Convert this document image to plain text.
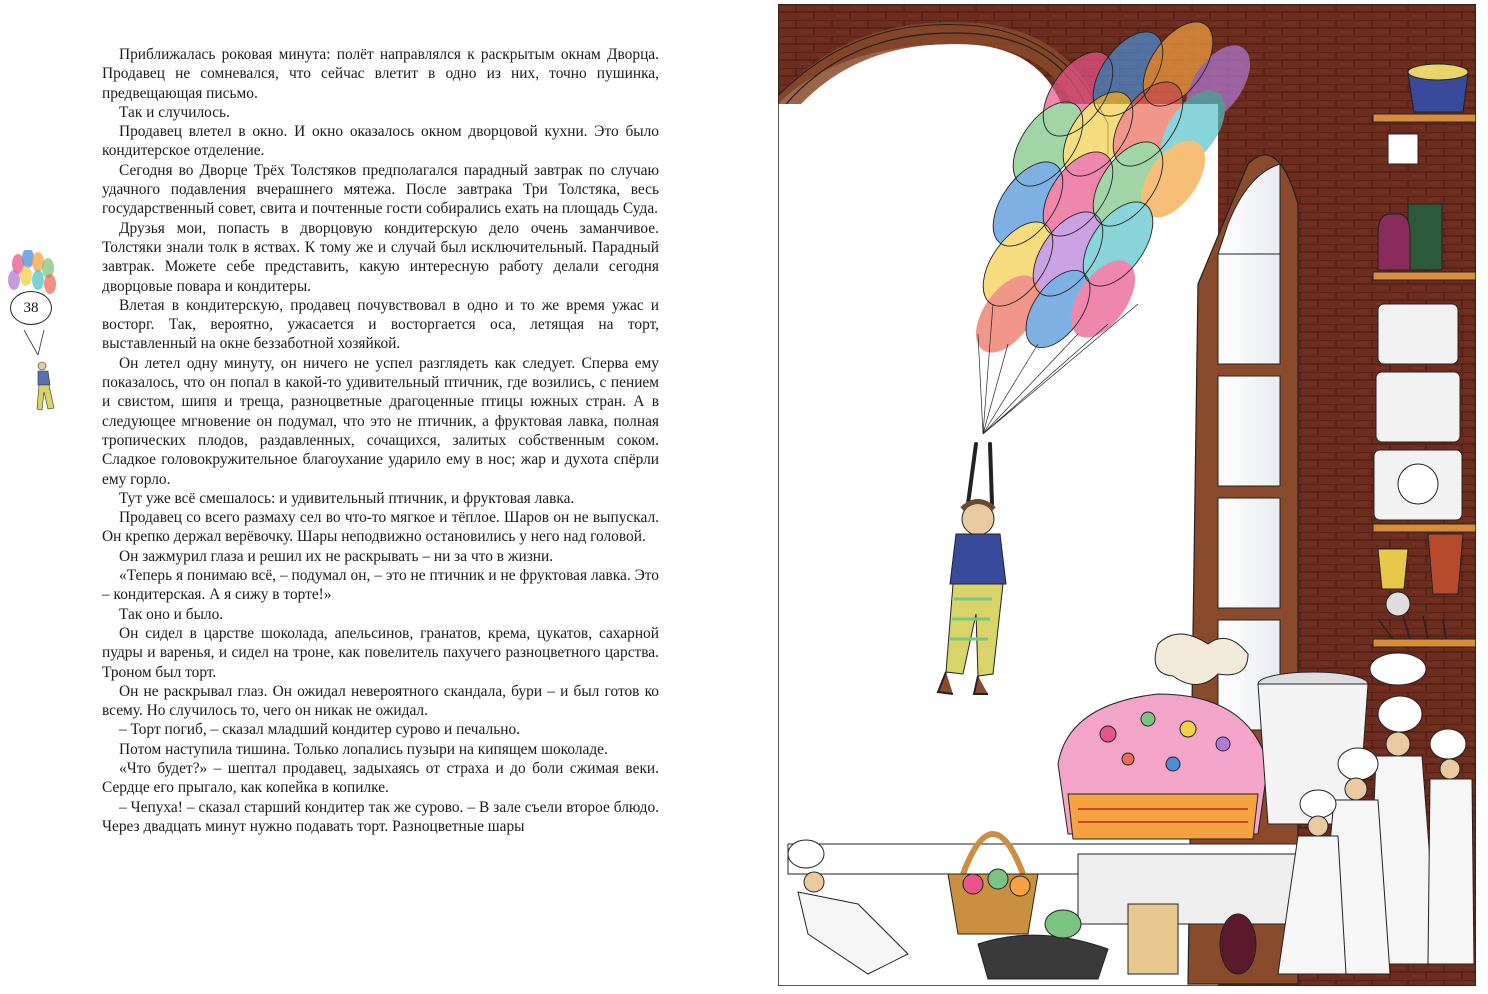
38

Приближалась роковая минута: полёт направлялся к раскрытым окнам Дворца. Продавец не сомневался, что сейчас влетит в одно из них, точно пушинка, предвещающая письмо.

Так и случилось.

Продавец влетел в окно. И окно оказалось окном дворцовой кухни. Это было кондитерское отделение.

Сегодня во Дворце Трёх Толстяков предполагался парадный завтрак по случаю удачного подавления вчерашнего мятежа. После завтрака Три Толстяка, весь государственный совет, свита и почтенные гости собирались ехать на площадь Суда.

Друзья мои, попасть в дворцовую кондитерскую дело очень заманчивое. Толстяки знали толк в яствах. К тому же и случай был исключительный. Парадный завтрак. Можете себе представить, какую интересную работу делали сегодня дворцовые повара и кондитеры.

Влетая в кондитерскую, продавец почувствовал в одно и то же время ужас и восторг. Так, вероятно, ужасается и восторгается оса, летящая на торт, выставленный на окне беззаботной хозяйкой.

Он летел одну минуту, он ничего не успел разглядеть как следует. Сперва ему показалось, что он попал в какой-то удивительный птичник, где возились, с пением и свистом, шипя и треща, разноцветные драгоценные птицы южных стран. А в следующее мгновение он подумал, что это не птичник, а фруктовая лавка, полная тропических плодов, раздавленных, сочащихся, залитых собственным соком. Сладкое головокружительное благоухание ударило ему в нос; жар и духота спёрли ему горло.

Тут уже всё смешалось: и удивительный птичник, и фруктовая лавка.

Продавец со всего размаху сел во что-то мягкое и тёплое. Шаров он не выпускал. Он крепко держал верёвочку. Шары неподвижно остановились у него над головой.

Он зажмурил глаза и решил их не раскрывать – ни за что в жизни.

«Теперь я понимаю всё, – подумал он, – это не птичник и не фруктовая лавка. Это – кондитерская. А я сижу в торте!»

Так оно и было.

Он сидел в царстве шоколада, апельсинов, гранатов, крема, цукатов, сахарной пудры и варенья, и сидел на троне, как повелитель пахучего разноцветного царства. Троном был торт.

Он не раскрывал глаз. Он ожидал невероятного скандала, бури – и был готов ко всему. Но случилось то, чего он никак не ожидал.

– Торт погиб, – сказал младший кондитер сурово и печально.

Потом наступила тишина. Только лопались пузыри на кипящем шоколаде.

«Что будет?» – шептал продавец, задыхаясь от страха и до боли сжимая веки. Сердце его прыгало, как копейка в копилке.

– Чепуха! – сказал старший кондитер так же сурово. – В зале съели второе блюдо. Через двадцать минут нужно подавать торт. Разноцветные шары
